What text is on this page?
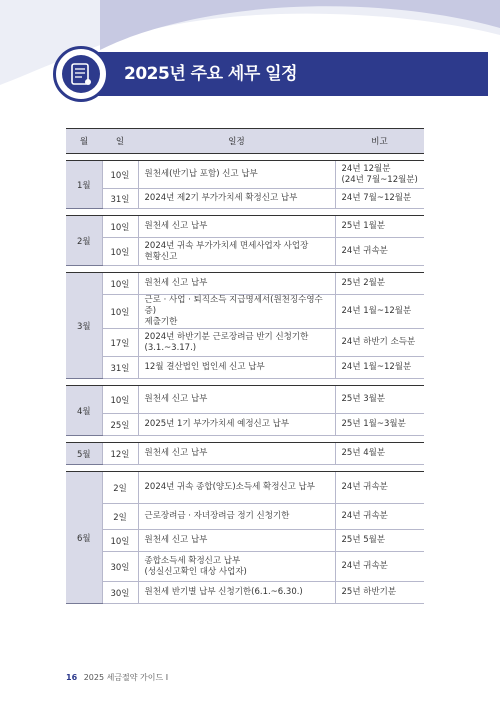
2025년 주요 세무 일정
월	일	일정	비고

1월	10일	원천세(반기납 포함) 신고 납부	24년 12월분
(24년 7월~12월분)

	31일	2024년 제2기 부가가치세 확정신고 납부	24년 7월~12월분

2월	10일	원천세 신고 납부	25년 1월분

	10일	2024년 귀속 부가가치세 면세사업자 사업장
현황신고	24년 귀속분

3월	10일	원천세 신고 납부	25년 2월분

	10일	근로 · 사업 · 퇴직소득 지급명세서(원천징수영수증)
제출기한	24년 1월~12월분

	17일	2024년 하반기분 근로장려금 반기 신청기한
(3.1.~3.17.)	24년 하반기 소득분

	31일	12월 결산법인 법인세 신고 납부	24년 1월~12월분

4월	10일	원천세 신고 납부	25년 3월분

	25일	2025년 1기 부가가치세 예정신고 납부	25년 1월~3월분

5월	12일	원천세 신고 납부	25년 4월분

6월	2일	2024년 귀속 종합(양도)소득세 확정신고 납부	24년 귀속분

	2일	근로장려금 · 자녀장려금 정기 신청기한	24년 귀속분

	10일	원천세 신고 납부	25년 5월분

	30일	종합소득세 확정신고 납부
(성실신고확인 대상 사업자)	24년 귀속분

	30일	원천세 반기별 납부 신청기한(6.1.~6.30.)	25년 하반기분
16 2025 세금절약 가이드 I
